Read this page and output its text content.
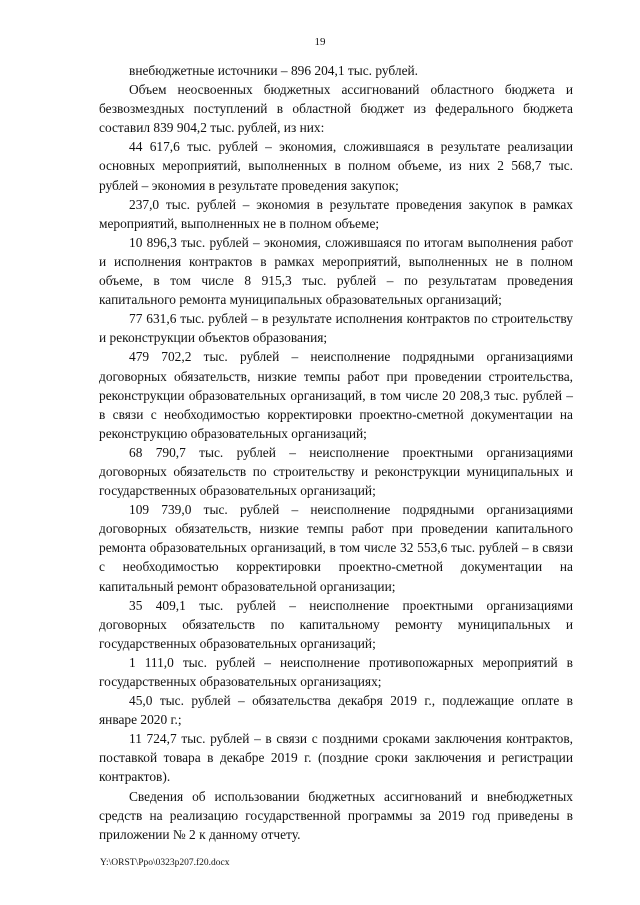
19

внебюджетные источники – 896 204,1 тыс. рублей.

Объем неосвоенных бюджетных ассигнований областного бюджета и безвозмездных поступлений в областной бюджет из федерального бюджета составил 839 904,2 тыс. рублей, из них:

44 617,6 тыс. рублей – экономия, сложившаяся в результате реализации основных мероприятий, выполненных в полном объеме, из них 2 568,7 тыс. рублей – экономия в результате проведения закупок;

237,0 тыс. рублей – экономия в результате проведения закупок в рамках мероприятий, выполненных не в полном объеме;

10 896,3 тыс. рублей – экономия, сложившаяся по итогам выполнения работ и исполнения контрактов в рамках мероприятий, выполненных не в полном объеме, в том числе 8 915,3 тыс. рублей – по результатам проведения капитального ремонта муниципальных образовательных организаций;

77 631,6 тыс. рублей – в результате исполнения контрактов по строительству и реконструкции объектов образования;

479 702,2 тыс. рублей – неисполнение подрядными организациями договорных обязательств, низкие темпы работ при проведении строительства, реконструкции образовательных организаций, в том числе 20 208,3 тыс. рублей – в связи с необходимостью корректировки проектно-сметной документации на реконструкцию образовательных организаций;

68 790,7 тыс. рублей – неисполнение проектными организациями договорных обязательств по строительству и реконструкции муниципальных и государственных образовательных организаций;

109 739,0 тыс. рублей – неисполнение подрядными организациями договорных обязательств, низкие темпы работ при проведении капитального ремонта образовательных организаций, в том числе 32 553,6 тыс. рублей – в связи с необходимостью корректировки проектно-сметной документации на капитальный ремонт образовательной организации;

35 409,1 тыс. рублей – неисполнение проектными организациями договорных обязательств по капитальному ремонту муниципальных и государственных образовательных организаций;

1 111,0 тыс. рублей – неисполнение противопожарных мероприятий в государственных образовательных организациях;

45,0 тыс. рублей – обязательства декабря 2019 г., подлежащие оплате в январе 2020 г.;

11 724,7 тыс. рублей – в связи с поздними сроками заключения контрактов, поставкой товара в декабре 2019 г. (поздние сроки заключения и регистрации контрактов).

Сведения об использовании бюджетных ассигнований и внебюджетных средств на реализацию государственной программы за 2019 год приведены в приложении № 2 к данному отчету.

Y:\ORST\Ppo\0323p207.f20.docx
